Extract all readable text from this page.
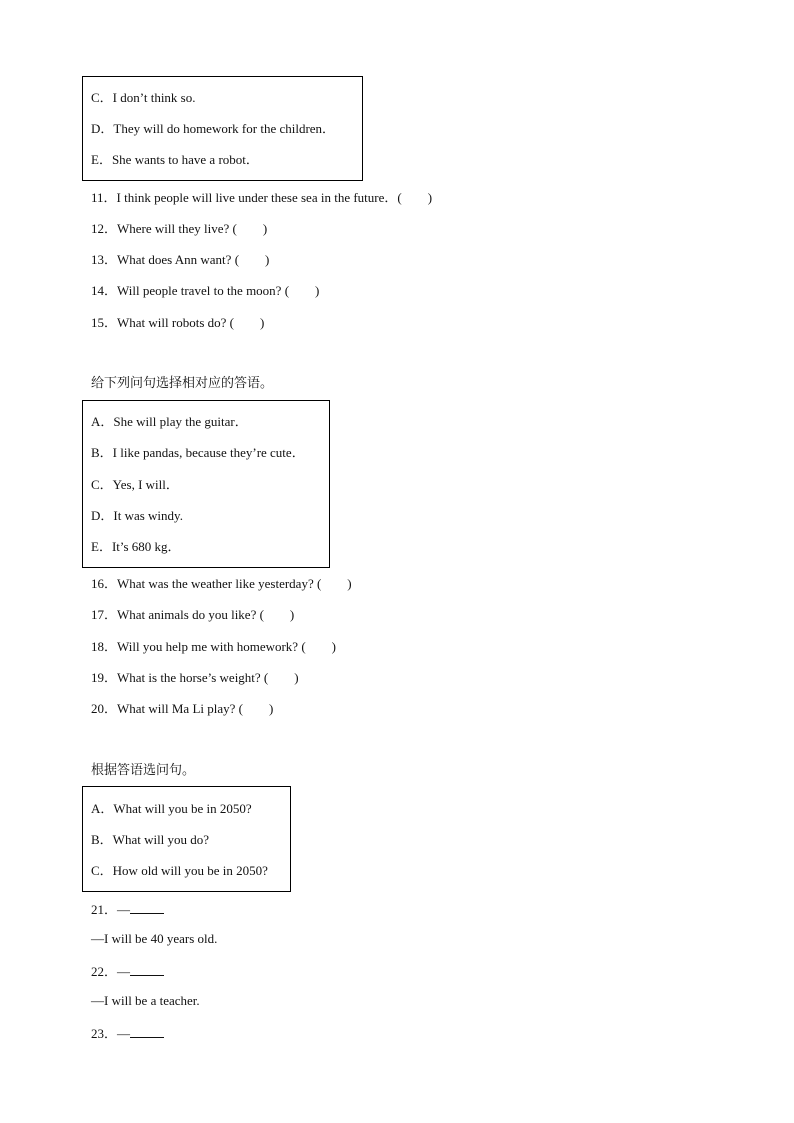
C．I don’t think so.
D．They will do homework for the children．
E．She wants to have a robot．
11．I think people will live under these sea in the future．(　　)
12．Where will they live? (　　)
13．What does Ann want? (　　)
14．Will people travel to the moon? (　　)
15．What will robots do? (　　)
给下列问句选择相对应的答语。
A．She will play the guitar．
B．I like pandas, because they’re cute．
C．Yes, I will．
D．It was windy.
E．It’s 680 kg．
16．What was the weather like yesterday? (　　)
17．What animals do you like? (　　)
18．Will you help me with homework? (　　)
19．What is the horse’s weight? (　　)
20．What will Ma Li play? (　　)
根据答语选问句。
A．What will you be in 2050?
B．What will you do?
C．How old will you be in 2050?
21．—
—I will be 40 years old.
22．—
—I will be a teacher.
23．—
